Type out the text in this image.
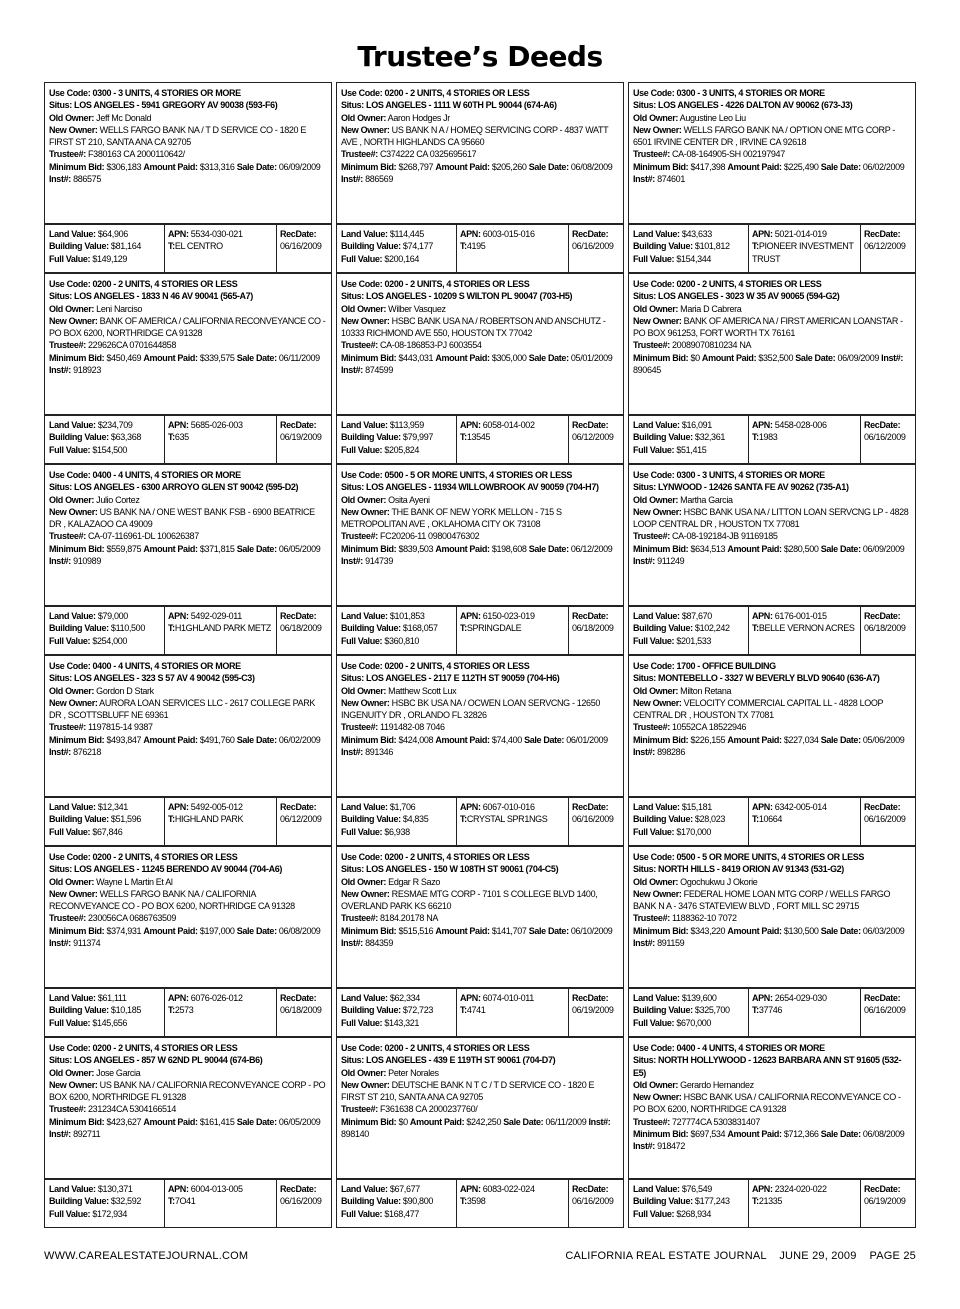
Trustee’s Deeds
Use Code: 0300 - 3 UNITS, 4 STORIES OR MORE
Situs: LOS ANGELES - 5941 GREGORY AV 90038 (593-F6)
Old Owner: Jeff Mc Donald
New Owner: WELLS FARGO BANK NA / T D SERVICE CO - 1820 E FIRST ST 210, SANTA ANA CA 92705
Trustee#: F380163 CA 2000110642/
Minimum Bid: $306,183 Amount Paid: $313,316 Sale Date: 06/09/2009 Inst#: 886575
Land Value: $64,906
Building Value: $81,164
Full Value: $149,129
APN: 5534-030-021
T:EL CENTRO
RecDate:
06/16/2009
Use Code: 0200 - 2 UNITS, 4 STORIES OR LESS
Situs: LOS ANGELES - 1833 N 46 AV 90041 (565-A7)
Old Owner: Leni Narciso
New Owner: BANK OF AMERICA / CALIFORNIA RECONVEYANCE CO - PO BOX 6200, NORTHRIDGE CA 91328
Trustee#: 229626CA 0701644858
Minimum Bid: $450,469 Amount Paid: $339,575 Sale Date: 06/11/2009 Inst#: 918923
Land Value: $234,709
Building Value: $63,368
Full Value: $154,500
APN: 5685-026-003
T:635
RecDate:
06/19/2009
Use Code: 0400 - 4 UNITS, 4 STORIES OR MORE
Situs: LOS ANGELES - 6300 ARROYO GLEN ST 90042 (595-D2)
Old Owner: Julio Cortez
New Owner: US BANK NA / ONE WEST BANK FSB - 6900 BEATRICE DR , KALAZAOO CA 49009
Trustee#: CA-07-116961-DL 100626387
Minimum Bid: $559,875 Amount Paid: $371,815 Sale Date: 06/05/2009 Inst#: 910989
Land Value: $79,000
Building Value: $110,500
Full Value: $254,000
APN: 5492-029-011
T:H1GHLAND PARK METZ
RecDate:
06/18/2009
Use Code: 0400 - 4 UNITS, 4 STORIES OR MORE
Situs: LOS ANGELES - 323 S 57 AV 4 90042 (595-C3)
Old Owner: Gordon D Stark
New Owner: AURORA LOAN SERVICES LLC - 2617 COLLEGE PARK DR , SCOTTSBLUFF NE 69361
Trustee#: 1197815-14 9387
Minimum Bid: $493,847 Amount Paid: $491,760 Sale Date: 06/02/2009 Inst#: 876218
Land Value: $12,341
Building Value: $51,596
Full Value: $67,846
APN: 5492-005-012
T:HIGHLAND PARK
RecDate:
06/12/2009
Use Code: 0200 - 2 UNITS, 4 STORIES OR LESS
Situs: LOS ANGELES - 11245 BERENDO AV 90044 (704-A6)
Old Owner: Wayne L Martin Et Al
New Owner: WELLS FARGO BANK NA / CALIFORNIA RECONVEYANCE CO - PO BOX 6200, NORTHRIDGE CA 91328
Trustee#: 230056CA 0686763509
Minimum Bid: $374,931 Amount Paid: $197,000 Sale Date: 06/08/2009 Inst#: 911374
Land Value: $61,111
Building Value: $10,185
Full Value: $145,656
APN: 6076-026-012
T:2573
RecDate:
06/18/2009
Use Code: 0200 - 2 UNITS, 4 STORIES OR LESS
Situs: LOS ANGELES - 857 W 62ND PL 90044 (674-B6)
Old Owner: Jose Garcia
New Owner: US BANK NA / CALIFORNIA RECONVEYANCE CORP - PO BOX 6200, NORTHRIDGE FL 91328
Trustee#: 231234CA 5304166514
Minimum Bid: $423,627 Amount Paid: $161,415 Sale Date: 06/05/2009 Inst#: 892711
Land Value: $130,371
Building Value: $32,592
Full Value: $172,934
APN: 6004-013-005
T:7O41
RecDate:
06/16/2009
Use Code: 0200 - 2 UNITS, 4 STORIES OR LESS
Situs: LOS ANGELES - 1111 W 60TH PL 90044 (674-A6)
Old Owner: Aaron Hodges Jr
New Owner: US BANK N A / HOMEQ SERVICING CORP - 4837 WATT AVE , NORTH HIGHLANDS CA 95660
Trustee#: C374222 CA 0325695617
Minimum Bid: $268,797 Amount Paid: $205,260 Sale Date: 06/08/2009 Inst#: 886569
Land Value: $114,445
Building Value: $74,177
Full Value: $200,164
APN: 6003-015-016
T:4195
RecDate:
06/16/2009
Use Code: 0200 - 2 UNITS, 4 STORIES OR LESS
Situs: LOS ANGELES - 10209 S WILTON PL 90047 (703-H5)
Old Owner: Wilber Vasquez
New Owner: HSBC BANK USA NA / ROBERTSON AND ANSCHUTZ - 10333 RICHMOND AVE 550, HOUSTON TX 77042
Trustee#: CA-08-186853-PJ 6003554
Minimum Bid: $443,031 Amount Paid: $305,000 Sale Date: 05/01/2009 Inst#: 874599
Land Value: $113,959
Building Value: $79,997
Full Value: $205,824
APN: 6058-014-002
T:13545
RecDate:
06/12/2009
Use Code: 0500 - 5 OR MORE UNITS, 4 STORIES OR LESS
Situs: LOS ANGELES - 11934 WILLOWBROOK AV 90059 (704-H7)
Old Owner: Osita Ayeni
New Owner: THE BANK OF NEW YORK MELLON - 715 S METROPOLITAN AVE , OKLAHOMA CITY OK 73108
Trustee#: FC20206-11 09800476302
Minimum Bid: $839,503 Amount Paid: $198,608 Sale Date: 06/12/2009 Inst#: 914739
Land Value: $101,853
Building Value: $168,057
Full Value: $360,810
APN: 6150-023-019
T:SPRINGDALE
RecDate:
06/18/2009
Use Code: 0200 - 2 UNITS, 4 STORIES OR LESS
Situs: LOS ANGELES - 2117 E 112TH ST 90059 (704-H6)
Old Owner: Matthew Scott Lux
New Owner: HSBC BK USA NA / OCWEN LOAN SERVCNG - 12650 INGENUITY DR , ORLANDO FL 32826
Trustee#: 1191482-08 7046
Minimum Bid: $424,008 Amount Paid: $74,400 Sale Date: 06/01/2009 Inst#: 891346
Land Value: $1,706
Building Value: $4,835
Full Value: $6,938
APN: 6067-010-016
T:CRYSTAL SPR1NGS
RecDate:
06/16/2009
Use Code: 0200 - 2 UNITS, 4 STORIES OR LESS
Situs: LOS ANGELES - 150 W 108TH ST 90061 (704-C5)
Old Owner: Edgar R Sazo
New Owner: RESMAE MTG CORP - 7101 S COLLEGE BLVD 1400, OVERLAND PARK KS 66210
Trustee#: 8184.20178 NA
Minimum Bid: $515,516 Amount Paid: $141,707 Sale Date: 06/10/2009 Inst#: 884359
Land Value: $62,334
Building Value: $72,723
Full Value: $143,321
APN: 6074-010-011
T:4741
RecDate:
06/19/2009
Use Code: 0200 - 2 UNITS, 4 STORIES OR LESS
Situs: LOS ANGELES - 439 E 119TH ST 90061 (704-D7)
Old Owner: Peter Norales
New Owner: DEUTSCHE BANK N T C / T D SERVICE CO - 1820 E FIRST ST 210, SANTA ANA CA 92705
Trustee#: F361638 CA 2000237760/
Minimum Bid: $0 Amount Paid: $242,250 Sale Date: 06/11/2009 Inst#: 898140
Land Value: $67,677
Building Value: $90,800
Full Value: $168,477
APN: 6083-022-024
T:3598
RecDate:
06/16/2009
Use Code: 0300 - 3 UNITS, 4 STORIES OR MORE
Situs: LOS ANGELES - 4226 DALTON AV 90062 (673-J3)
Old Owner: Augustine Leo Liu
New Owner: WELLS FARGO BANK NA / OPTION ONE MTG CORP - 6501 IRVINE CENTER DR , IRVINE CA 92618
Trustee#: CA-08-164905-SH 002197947
Minimum Bid: $417,398 Amount Paid: $225,490 Sale Date: 06/02/2009 Inst#: 874601
Land Value: $43,633
Building Value: $101,812
Full Value: $154,344
APN: 5021-014-019
T:PIONEER INVESTMENT TRUST
RecDate:
06/12/2009
Use Code: 0200 - 2 UNITS, 4 STORIES OR LESS
Situs: LOS ANGELES - 3023 W 35 AV 90065 (594-G2)
Old Owner: Maria D Cabrera
New Owner: BANK OF AMERICA NA / FIRST AMERICAN LOANSTAR - PO BOX 961253, FORT WORTH TX 76161
Trustee#: 20089070810234 NA
Minimum Bid: $0 Amount Paid: $352,500 Sale Date: 06/09/2009 Inst#: 890645
Land Value: $16,091
Building Value: $32,361
Full Value: $51,415
APN: 5458-028-006
T:1983
RecDate:
06/16/2009
Use Code: 0300 - 3 UNITS, 4 STORIES OR MORE
Situs: LYNWOOD - 12426 SANTA FE AV 90262 (735-A1)
Old Owner: Martha Garcia
New Owner: HSBC BANK USA NA / LITTON LOAN SERVCNG LP - 4828 LOOP CENTRAL DR , HOUSTON TX 77081
Trustee#: CA-08-192184-JB 91169185
Minimum Bid: $634,513 Amount Paid: $280,500 Sale Date: 06/09/2009 Inst#: 911249
Land Value: $87,670
Building Value: $102,242
Full Value: $201,533
APN: 6176-001-015
T:BELLE VERNON ACRES
RecDate:
06/18/2009
Use Code: 1700 - OFFICE BUILDING
Situs: MONTEBELLO - 3327 W BEVERLY BLVD 90640 (636-A7)
Old Owner: Milton Retana
New Owner: VELOCITY COMMERCIAL CAPITAL LL - 4828 LOOP CENTRAL DR , HOUSTON TX 77081
Trustee#: 10552CA 18522946
Minimum Bid: $226,155 Amount Paid: $227,034 Sale Date: 05/06/2009 Inst#: 898286
Land Value: $15,181
Building Value: $28,023
Full Value: $170,000
APN: 6342-005-014
T:10664
RecDate:
06/16/2009
Use Code: 0500 - 5 OR MORE UNITS, 4 STORIES OR LESS
Situs: NORTH HILLS - 8419 ORION AV 91343 (531-G2)
Old Owner: Ogochukwu J Okorie
New Owner: FEDERAL HOME LOAN MTG CORP / WELLS FARGO BANK N A - 3476 STATEVIEW BLVD , FORT MILL SC 29715
Trustee#: 1188362-10 7072
Minimum Bid: $343,220 Amount Paid: $130,500 Sale Date: 06/03/2009 Inst#: 891159
Land Value: $139,600
Building Value: $325,700
Full Value: $670,000
APN: 2654-029-030
T:37746
RecDate:
06/16/2009
Use Code: 0400 - 4 UNITS, 4 STORIES OR MORE
Situs: NORTH HOLLYWOOD - 12623 BARBARA ANN ST 91605 (532-E5)
Old Owner: Gerardo Hernandez
New Owner: HSBC BANK USA / CALIFORNIA RECONVEYANCE CO - PO BOX 6200, NORTHRIDGE CA 91328
Trustee#: 727774CA 5303831407
Minimum Bid: $697,534 Amount Paid: $712,366 Sale Date: 06/08/2009 Inst#: 918472
Land Value: $76,549
Building Value: $177,243
Full Value: $268,934
APN: 2324-020-022
T:21335
RecDate:
06/19/2009
WWW.CAREALESTATEJOURNAL.COM	CALIFORNIA REAL ESTATE JOURNAL    JUNE 29, 2009    PAGE 25
